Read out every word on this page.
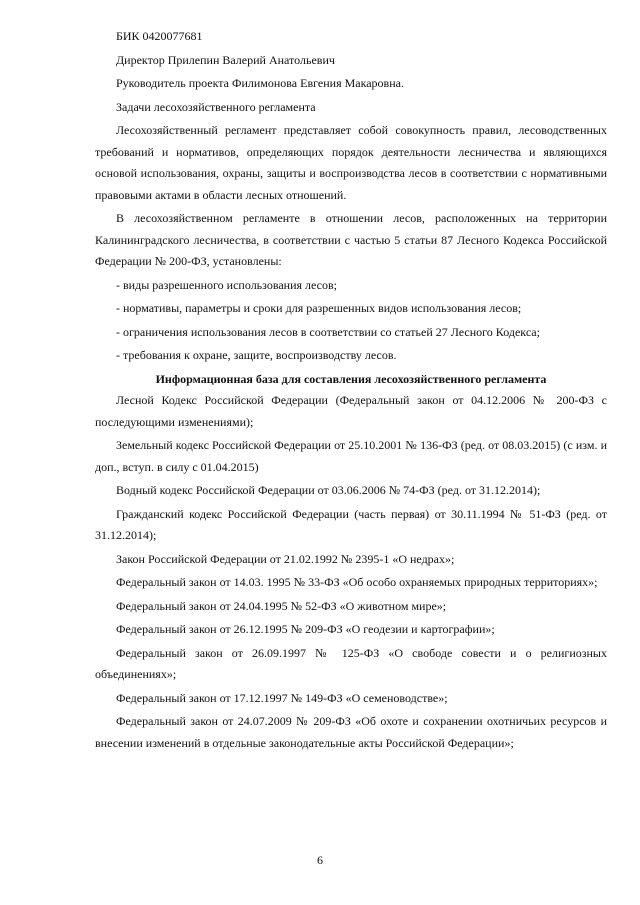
БИК 0420077681

Директор Прилепин Валерий Анатольевич

Руководитель проекта Филимонова Евгения Макаровна.

Задачи лесохозяйственного регламента

Лесохозяйственный регламент представляет собой совокупность правил, лесоводственных требований и нормативов, определяющих порядок деятельности лесничества и являющихся основой использования, охраны, защиты и воспроизводства лесов в соответствии с нормативными правовыми актами в области лесных отношений.

В лесохозяйственном регламенте в отношении лесов, расположенных на территории Калининградского лесничества, в соответствии с частью 5 статьи 87 Лесного Кодекса Российской Федерации № 200-ФЗ, установлены:

- виды разрешенного использования лесов;

- нормативы, параметры и сроки для разрешенных видов использования лесов;

- ограничения использования лесов в соответствии со статьей 27 Лесного Кодекса;

- требования к охране, защите, воспроизводству лесов.

Информационная база для составления лесохозяйственного регламента

Лесной Кодекс Российской Федерации (Федеральный закон от 04.12.2006 № 200-ФЗ с последующими изменениями);

Земельный кодекс Российской Федерации от 25.10.2001 № 136-ФЗ (ред. от 08.03.2015) (с изм. и доп., вступ. в силу с 01.04.2015)

Водный кодекс Российской Федерации от 03.06.2006 № 74-ФЗ (ред. от 31.12.2014);

Гражданский кодекс Российской Федерации (часть первая) от 30.11.1994 № 51-ФЗ (ред. от 31.12.2014);

Закон Российской Федерации от 21.02.1992 № 2395-1 «О недрах»;

Федеральный закон от 14.03. 1995 № 33-ФЗ «Об особо охраняемых природных территориях»;

Федеральный закон от 24.04.1995 № 52-ФЗ «О животном мире»;

Федеральный закон от 26.12.1995 № 209-ФЗ «О геодезии и картографии»;

Федеральный закон от 26.09.1997 № 125-ФЗ «О свободе совести и о религиозных объединениях»;

Федеральный закон от 17.12.1997 № 149-ФЗ «О семеноводстве»;

Федеральный закон от 24.07.2009 № 209-ФЗ «Об охоте и сохранении охотничьих ресурсов и внесении изменений в отдельные законодательные акты Российской Федерации»;

6
